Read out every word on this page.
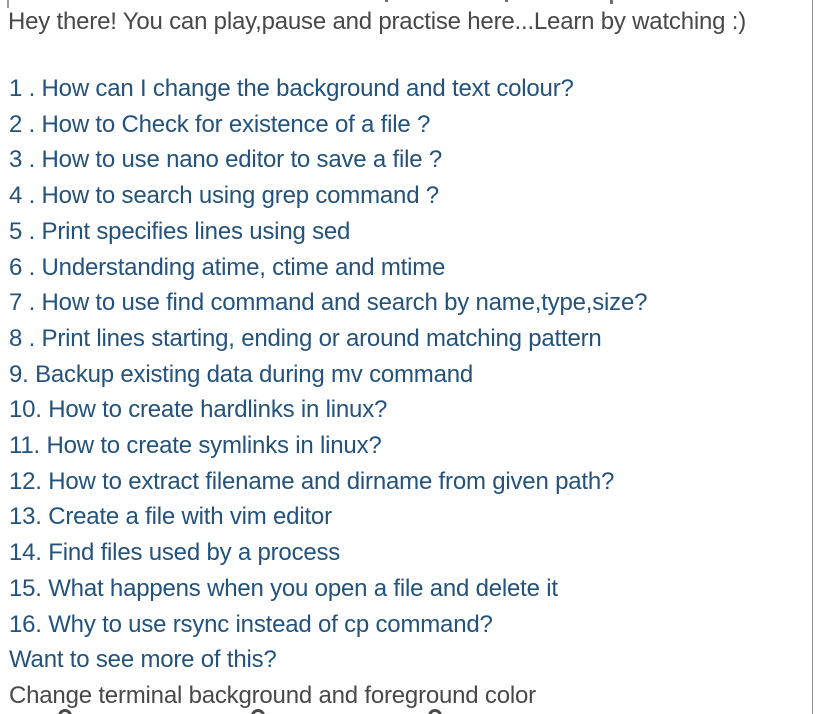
Hey there! You can play,pause and practise here...Learn by watching :)
1 . How can I change the background and text colour?
2 . How to Check for existence of a file ?
3 . How to use nano editor to save a file ?
4 . How to search using grep command ?
5 . Print specifies lines using sed
6 . Understanding atime, ctime and mtime
7 . How to use find command and search by name,type,size?
8 . Print lines starting, ending or around matching pattern
9. Backup existing data during mv command
10. How to create hardlinks in linux?
11. How to create symlinks in linux?
12. How to extract filename and dirname from given path?
13. Create a file with vim editor
14. Find files used by a process
15. What happens when you open a file and delete it
16. Why to use rsync instead of cp command?
Want to see more of this?
Change terminal background and foreground color
